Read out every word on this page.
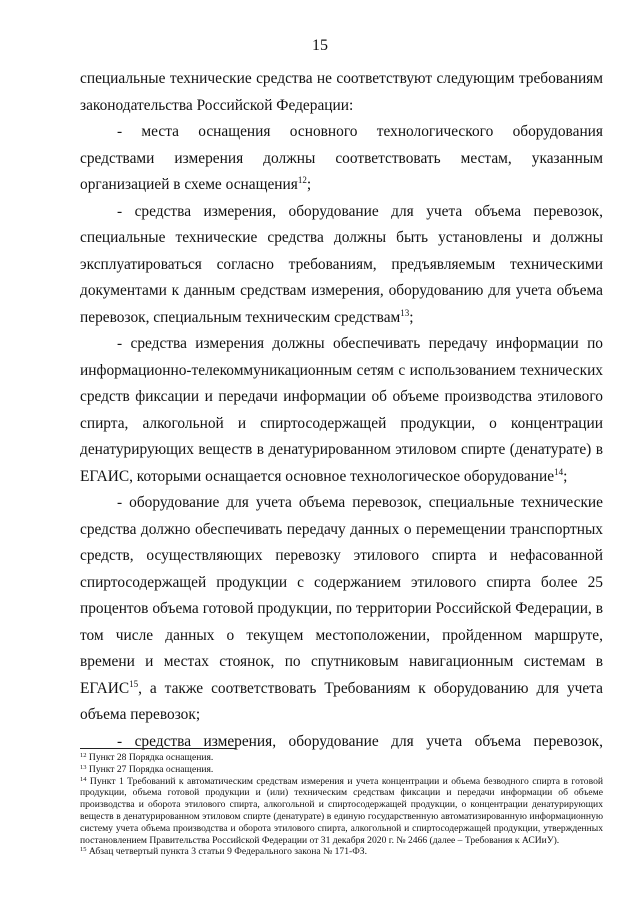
15

специальные технические средства не соответствуют следующим требованиям законодательства Российской Федерации:

- места оснащения основного технологического оборудования средствами измерения должны соответствовать местам, указанным организацией в схеме оснащения$^{12}$;

- средства измерения, оборудование для учета объема перевозок, специальные технические средства должны быть установлены и должны эксплуатироваться согласно требованиям, предъявляемым техническими документами к данным средствам измерения, оборудованию для учета объема перевозок, специальным техническим средствам$^{13}$;

- средства измерения должны обеспечивать передачу информации по информационно-телекоммуникационным сетям с использованием технических средств фиксации и передачи информации об объеме производства этилового спирта, алкогольной и спиртосодержащей продукции, о концентрации денатурирующих веществ в денатурированном этиловом спирте (денатурате) в ЕГАИС, которыми оснащается основное технологическое оборудование$^{14}$;

- оборудование для учета объема перевозок, специальные технические средства должно обеспечивать передачу данных о перемещении транспортных средств, осуществляющих перевозку этилового спирта и нефасованной спиртосодержащей продукции с содержанием этилового спирта более 25 процентов объема готовой продукции, по территории Российской Федерации, в том числе данных о текущем местоположении, пройденном маршруте, времени и местах стоянок, по спутниковым навигационным системам в ЕГАИС$^{15}$, а также соответствовать Требованиям к оборудованию для учета объема перевозок;

- средства измерения, оборудование для учета объема перевозок,

$^{12}$ Пункт 28 Порядка оснащения.

$^{13}$ Пункт 27 Порядка оснащения.

$^{14}$ Пункт 1 Требований к автоматическим средствам измерения и учета концентрации и объема безводного спирта в готовой продукции, объема готовой продукции и (или) техническим средствам фиксации и передачи информации об объеме производства и оборота этилового спирта, алкогольной и спиртосодержащей продукции, о концентрации денатурирующих веществ в денатурированном этиловом спирте (денатурате) в единую государственную автоматизированную информационную систему учета объема производства и оборота этилового спирта, алкогольной и спиртосодержащей продукции, утвержденных постановлением Правительства Российской Федерации от 31 декабря 2020 г. № 2466 (далее – Требования к АСИиУ).

$^{15}$ Абзац четвертый пункта 3 статьи 9 Федерального закона № 171-ФЗ.
